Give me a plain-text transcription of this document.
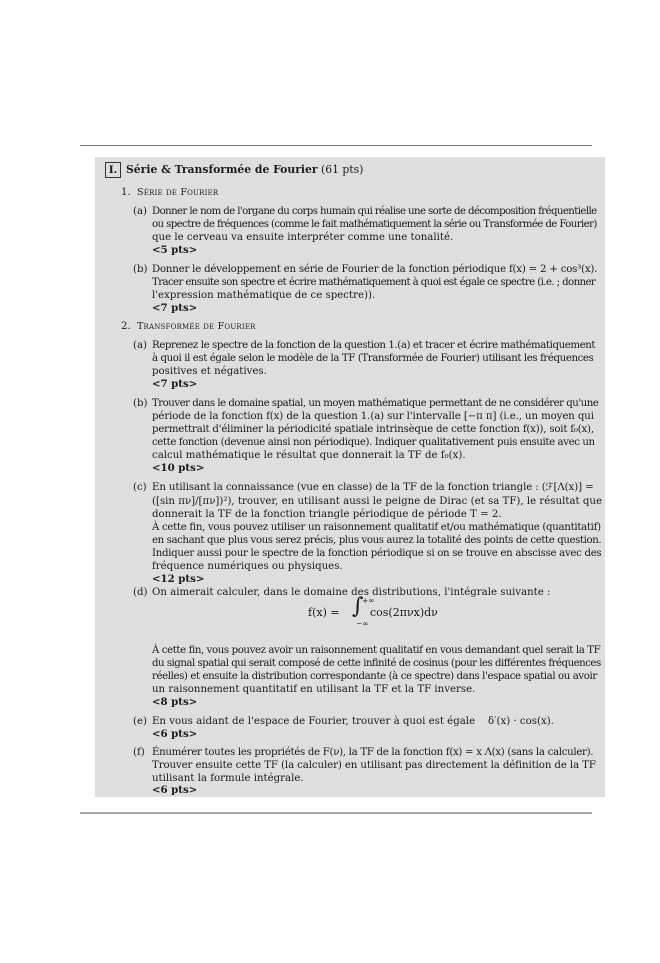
I. Série & Transformée de Fourier (61 pts)
1. Série de Fourier
(a) Donner le nom de l'organe du corps humain qui réalise une sorte de décomposition fréquentielle
ou spectre de fréquences (comme le fait mathématiquement la série ou Transformée de Fourier)
que le cerveau va ensuite interpréter comme une tonalité.
<5 pts>
(b) Donner le développement en série de Fourier de la fonction périodique f(x) = 2 + cos³(x).
Tracer ensuite son spectre et écrire mathématiquement à quoi est égale ce spectre (i.e. ; donner
l'expression mathématique de ce spectre)).
<7 pts>
2. Transformée de Fourier
(a) Reprenez le spectre de la fonction de la question 1.(a) et tracer et écrire mathématiquement
à quoi il est égale selon le modèle de la TF (Transformée de Fourier) utilisant les fréquences
positives et négatives.
<7 pts>
(b) Trouver dans le domaine spatial, un moyen mathématique permettant de ne considérer qu'une
période de la fonction f(x) de la question 1.(a) sur l'intervalle [−π π] (i.e., un moyen qui
permettrait d'éliminer la périodicité spatiale intrinsèque de cette fonction f(x)), soit f₀(x),
cette fonction (devenue ainsi non périodique). Indiquer qualitativement puis ensuite avec un
calcul mathématique le résultat que donnerait la TF de f₀(x).
<10 pts>
(c) En utilisant la connaissance (vue en classe) de la TF de la fonction triangle : (ℱ[Λ(x)] =
([sin πν]/[πν])²), trouver, en utilisant aussi le peigne de Dirac (et sa TF), le résultat que
donnerait la TF de la fonction triangle périodique de période T = 2.
À cette fin, vous pouvez utiliser un raisonnement qualitatif et/ou mathématique (quantitatif)
en sachant que plus vous serez précis, plus vous aurez la totalité des points de cette question.
Indiquer aussi pour le spectre de la fonction périodique si on se trouve en abscisse avec des
fréquence numériques ou physiques.
<12 pts>
(d) On aimerait calculer, dans le domaine des distributions, l'intégrale suivante :
f(x) = ∫
+∞
−∞
cos(2πνx)dν
À cette fin, vous pouvez avoir un raisonnement qualitatif en vous demandant quel serait la TF
du signal spatial qui serait composé de cette infinité de cosinus (pour les différentes fréquences
réelles) et ensuite la distribution correspondante (à ce spectre) dans l'espace spatial ou avoir
un raisonnement quantitatif en utilisant la TF et la TF inverse.
<8 pts>
(e) En vous aidant de l'espace de Fourier, trouver à quoi est égale    δ′(x) · cos(x).
<6 pts>
(f) Énumérer toutes les propriétés de F(ν), la TF de la fonction f(x) = x Λ(x) (sans la calculer).
Trouver ensuite cette TF (la calculer) en utilisant pas directement la définition de la TF
utilisant la formule intégrale.
<6 pts>
